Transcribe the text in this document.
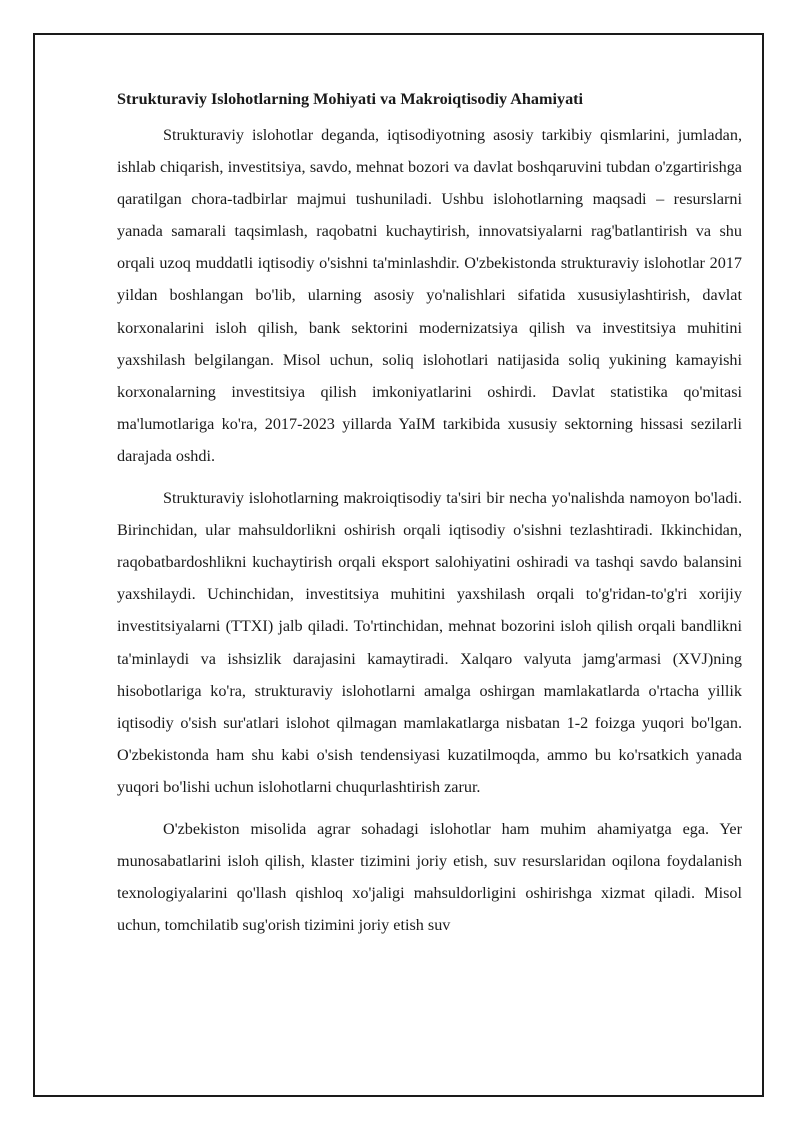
Strukturaviy Islohotlarning Mohiyati va Makroiqtisodiy Ahamiyati

Strukturaviy islohotlar deganda, iqtisodiyotning asosiy tarkibiy qismlarini, jumladan, ishlab chiqarish, investitsiya, savdo, mehnat bozori va davlat boshqaruvini tubdan o'zgartirishga qaratilgan chora-tadbirlar majmui tushuniladi. Ushbu islohotlarning maqsadi – resurslarni yanada samarali taqsimlash, raqobatni kuchaytirish, innovatsiyalarni rag'batlantirish va shu orqali uzoq muddatli iqtisodiy o'sishni ta'minlashdir. O'zbekistonda strukturaviy islohotlar 2017 yildan boshlangan bo'lib, ularning asosiy yo'nalishlari sifatida xususiylashtirish, davlat korxonalarini isloh qilish, bank sektorini modernizatsiya qilish va investitsiya muhitini yaxshilash belgilangan. Misol uchun, soliq islohotlari natijasida soliq yukining kamayishi korxonalarning investitsiya qilish imkoniyatlarini oshirdi. Davlat statistika qo'mitasi ma'lumotlariga ko'ra, 2017-2023 yillarda YaIM tarkibida xususiy sektorning hissasi sezilarli darajada oshdi.

Strukturaviy islohotlarning makroiqtisodiy ta'siri bir necha yo'nalishda namoyon bo'ladi. Birinchidan, ular mahsuldorlikni oshirish orqali iqtisodiy o'sishni tezlashtiradi. Ikkinchidan, raqobatbardoshlikni kuchaytirish orqali eksport salohiyatini oshiradi va tashqi savdo balansini yaxshilaydi. Uchinchidan, investitsiya muhitini yaxshilash orqali to'g'ridan-to'g'ri xorijiy investitsiyalarni (TTXI) jalb qiladi. To'rtinchidan, mehnat bozorini isloh qilish orqali bandlikni ta'minlaydi va ishsizlik darajasini kamaytiradi. Xalqaro valyuta jamg'armasi (XVJ)ning hisobotlariga ko'ra, strukturaviy islohotlarni amalga oshirgan mamlakatlarda o'rtacha yillik iqtisodiy o'sish sur'atlari islohot qilmagan mamlakatlarga nisbatan 1-2 foizga yuqori bo'lgan. O'zbekistonda ham shu kabi o'sish tendensiyasi kuzatilmoqda, ammo bu ko'rsatkich yanada yuqori bo'lishi uchun islohotlarni chuqurlashtirish zarur.

O'zbekiston misolida agrar sohadagi islohotlar ham muhim ahamiyatga ega. Yer munosabatlarini isloh qilish, klaster tizimini joriy etish, suv resurslaridan oqilona foydalanish texnologiyalarini qo'llash qishloq xo'jaligi mahsuldorligini oshirishga xizmat qiladi. Misol uchun, tomchilatib sug'orish tizimini joriy etish suv
